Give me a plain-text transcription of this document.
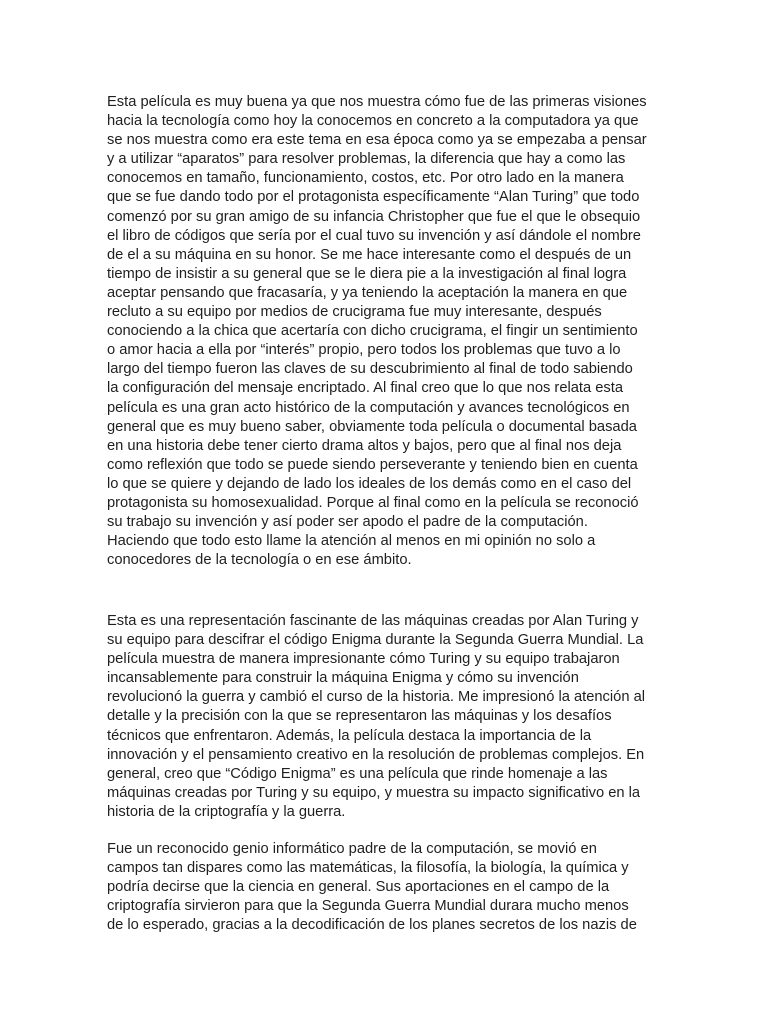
Esta película es muy buena ya que nos muestra cómo fue de las primeras visiones
hacia la tecnología como hoy la conocemos en concreto a la computadora ya que
se nos muestra como era este tema en esa época como ya se empezaba a pensar
y a utilizar “aparatos” para resolver problemas, la diferencia que hay a como las
conocemos en tamaño, funcionamiento, costos, etc. Por otro lado en la manera
que se fue dando todo por el protagonista específicamente “Alan Turing” que todo
comenzó por su gran amigo de su infancia Christopher que fue el que le obsequio
el libro de códigos que sería por el cual tuvo su invención y así dándole el nombre
de el a su máquina en su honor. Se me hace interesante como el después de un
tiempo de insistir a su general que se le diera pie a la investigación al final logra
aceptar pensando que fracasaría, y ya teniendo la aceptación la manera en que
recluto a su equipo por medios de crucigrama fue muy interesante, después
conociendo a la chica que acertaría con dicho crucigrama, el fingir un sentimiento
o amor hacia a ella por “interés” propio, pero todos los problemas que tuvo a lo
largo del tiempo fueron las claves de su descubrimiento al final de todo sabiendo
la configuración del mensaje encriptado. Al final creo que lo que nos relata esta
película es una gran acto histórico de la computación y avances tecnológicos en
general que es muy bueno saber, obviamente toda película o documental basada
en una historia debe tener cierto drama altos y bajos, pero que al final nos deja
como reflexión que todo se puede siendo perseverante y teniendo bien en cuenta
lo que se quiere y dejando de lado los ideales de los demás como en el caso del
protagonista su homosexualidad. Porque al final como en la película se reconoció
su trabajo su invención y así poder ser apodo el padre de la computación.
Haciendo que todo esto llame la atención al menos en mi opinión no solo a
conocedores de la tecnología o en ese ámbito.

Esta es una representación fascinante de las máquinas creadas por Alan Turing y
su equipo para descifrar el código Enigma durante la Segunda Guerra Mundial. La
película muestra de manera impresionante cómo Turing y su equipo trabajaron
incansablemente para construir la máquina Enigma y cómo su invención
revolucionó la guerra y cambió el curso de la historia. Me impresionó la atención al
detalle y la precisión con la que se representaron las máquinas y los desafíos
técnicos que enfrentaron. Además, la película destaca la importancia de la
innovación y el pensamiento creativo en la resolución de problemas complejos. En
general, creo que “Código Enigma” es una película que rinde homenaje a las
máquinas creadas por Turing y su equipo, y muestra su impacto significativo en la
historia de la criptografía y la guerra.

Fue un reconocido genio informático padre de la computación, se movió en
campos tan dispares como las matemáticas, la filosofía, la biología, la química y
podría decirse que la ciencia en general. Sus aportaciones en el campo de la
criptografía sirvieron para que la Segunda Guerra Mundial durara mucho menos
de lo esperado, gracias a la decodificación de los planes secretos de los nazis de
